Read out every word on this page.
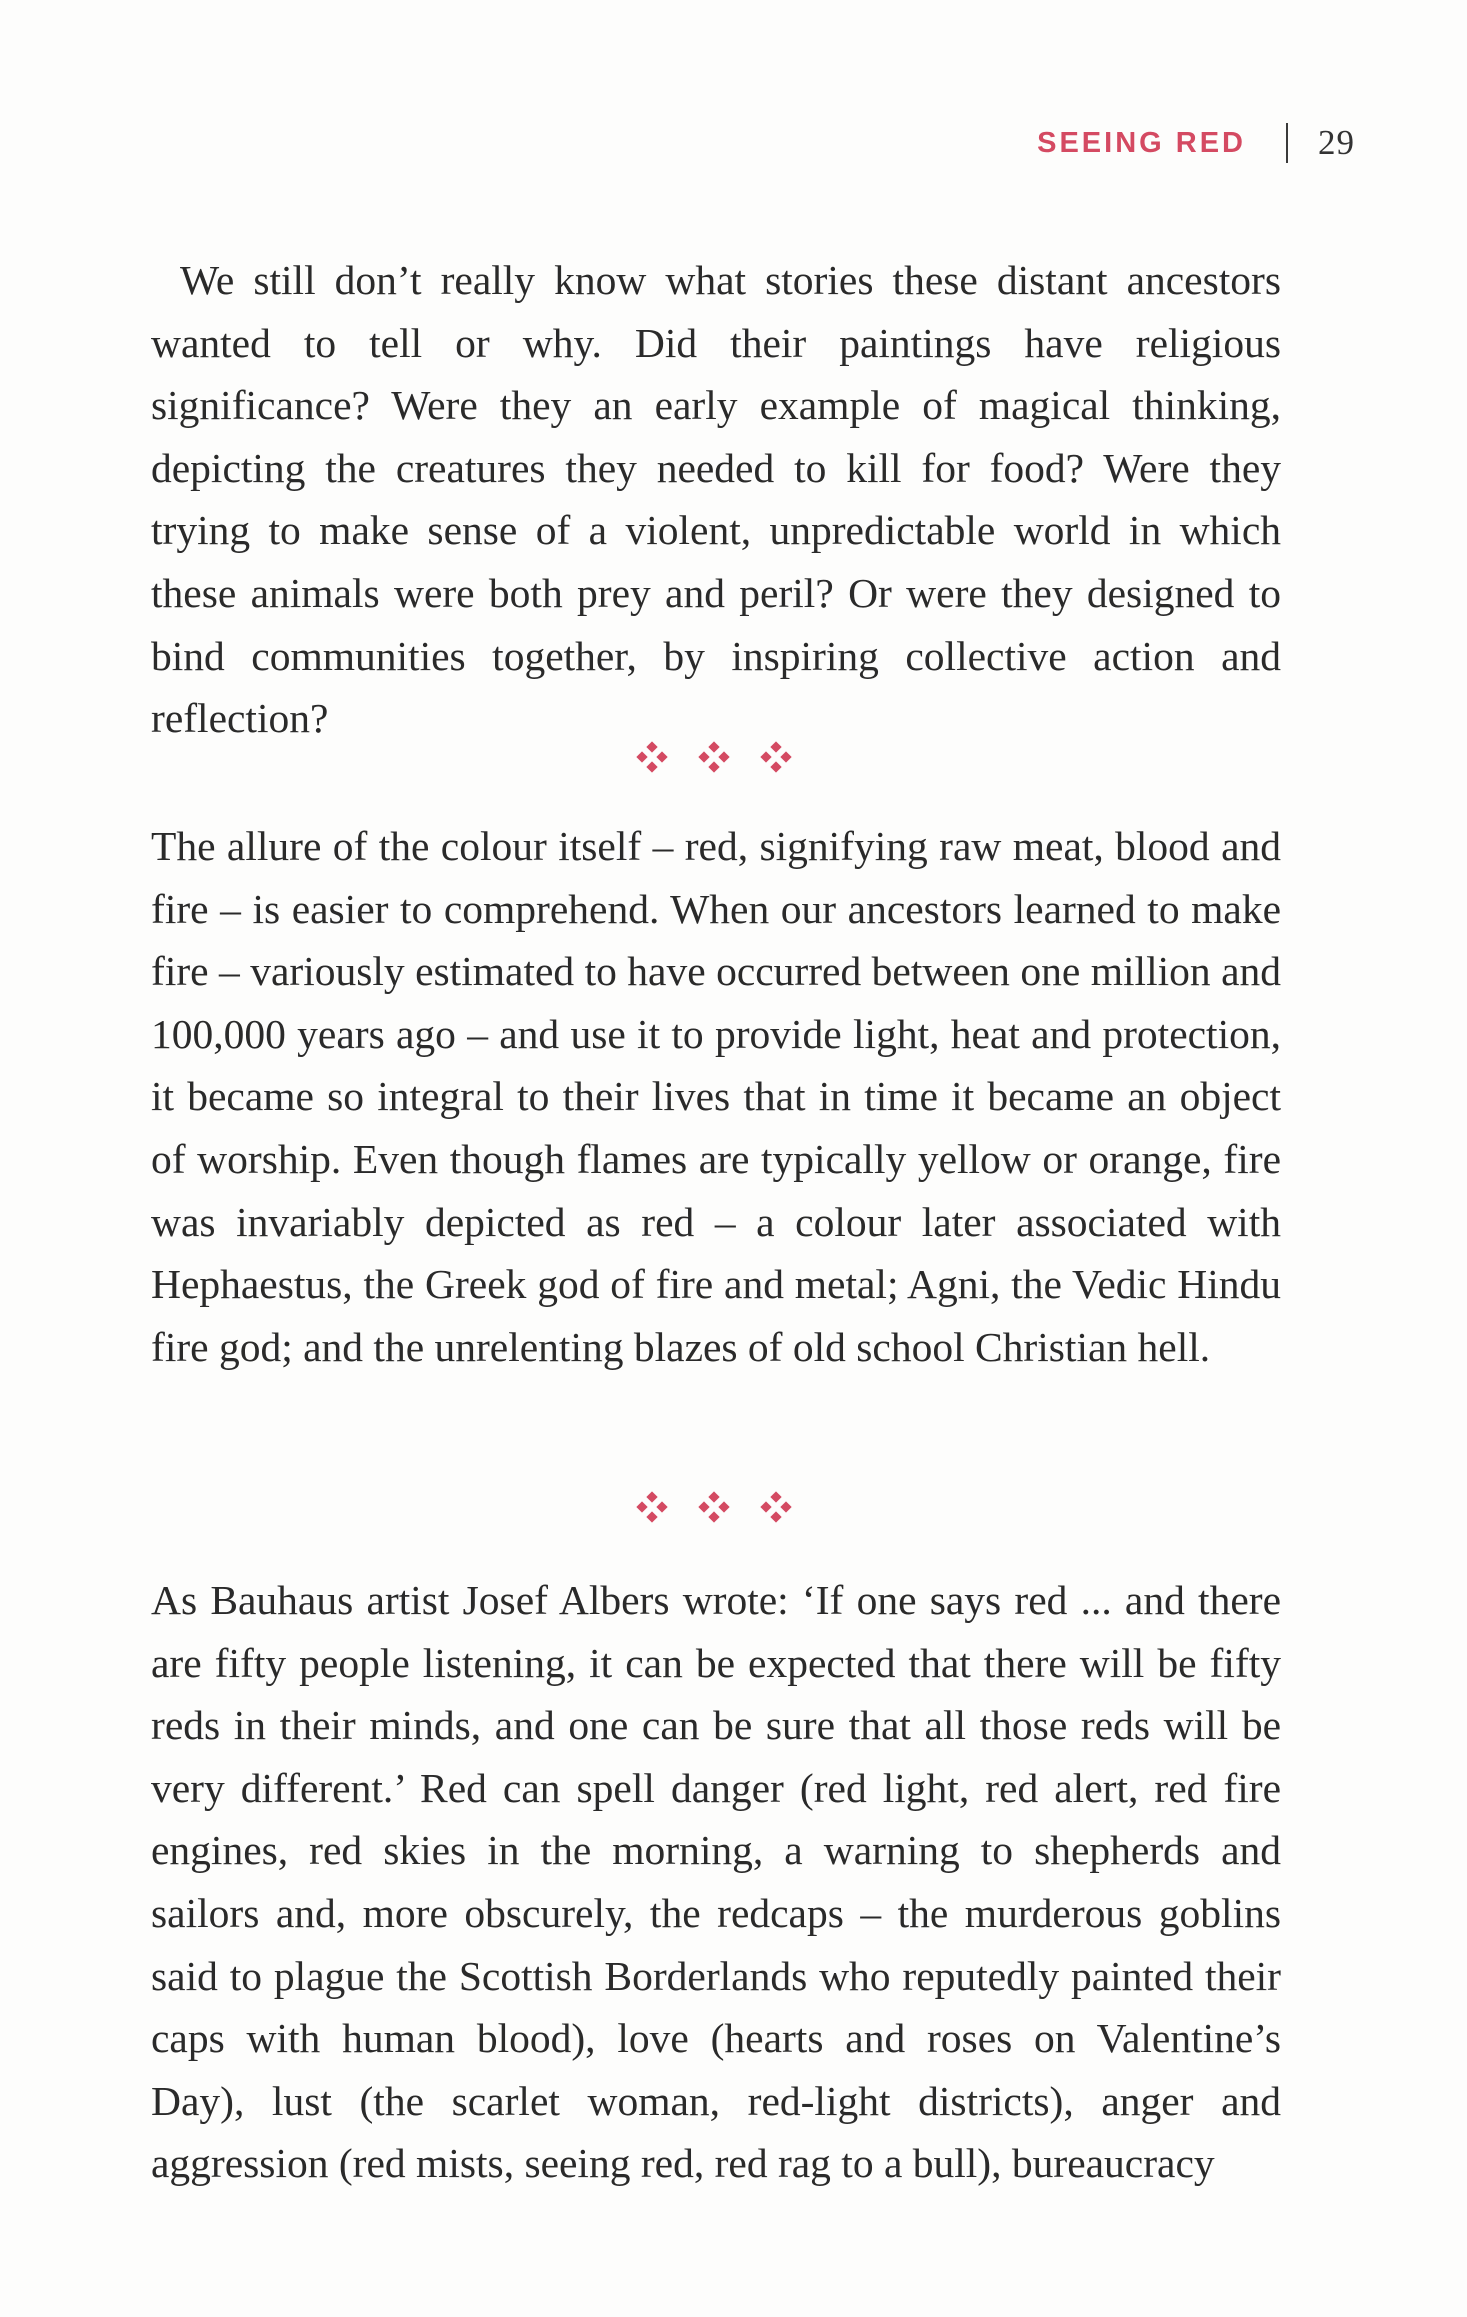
SEEING RED 29

We still don’t really know what stories these distant ancestors wanted to tell or why. Did their paintings have religious significance? Were they an early example of magical thinking, depicting the creatures they needed to kill for food? Were they trying to make sense of a violent, unpredictable world in which these animals were both prey and peril? Or were they designed to bind communities together, by inspiring collective action and reflection?

The allure of the colour itself – red, signifying raw meat, blood and fire – is easier to comprehend. When our ancestors learned to make fire – variously estimated to have occurred between one million and 100,000 years ago – and use it to provide light, heat and protection, it became so integral to their lives that in time it became an object of worship. Even though flames are typically yellow or orange, fire was invariably depicted as red – a colour later associated with Hephaestus, the Greek god of fire and metal; Agni, the Vedic Hindu fire god; and the unrelenting blazes of old school Christian hell.

As Bauhaus artist Josef Albers wrote: ‘If one says red ... and there are fifty people listening, it can be expected that there will be fifty reds in their minds, and one can be sure that all those reds will be very different.’ Red can spell danger (red light, red alert, red fire engines, red skies in the morning, a warning to shepherds and sailors and, more obscurely, the redcaps – the murderous goblins said to plague the Scottish Borderlands who reputedly painted their caps with human blood), love (hearts and roses on Valentine’s Day), lust (the scarlet woman, red-light districts), anger and aggression (red mists, seeing red, red rag to a bull), bureaucracy
